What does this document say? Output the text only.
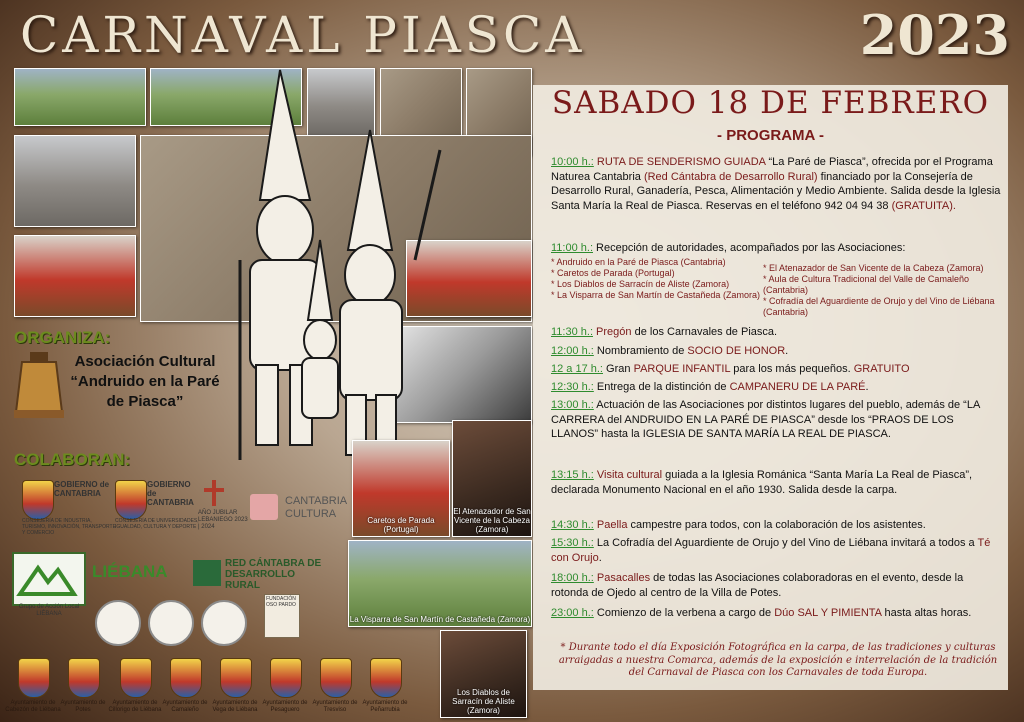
CARNAVAL PIASCA	2023
Caretos de Parada (Portugal)
El Atenazador de San Vicente de la Cabeza (Zamora)
La Visparra de San Martín de Castañeda (Zamora)
Los Diablos de Sarracín de Aliste (Zamora)
ORGANIZA:
Asociación Cultural “Andruido en la Paré de Piasca”
COLABORAN:
GOBIERNO de CANTABRIA
CONSEJERÍA DE INDUSTRIA, TURISMO, INNOVACIÓN, TRANSPORTE Y COMERCIO
GOBIERNO de CANTABRIA
CONSEJERÍA DE UNIVERSIDADES, IGUALDAD, CULTURA Y DEPORTE
AÑO JUBILAR LEBANIEGO 2023 | 2024
CANTABRIA CULTURA
Grupo de Acción Local LIÉBANA
LIÉBANA	RED CÁNTABRA DE DESARROLLO RURAL
FUNDACIÓN OSO PARDO
Ayuntamiento de Cabezón de Liébana
Ayuntamiento de Potes
Ayuntamiento de Cillorigo de Liébana
Ayuntamiento de Camaleño
Ayuntamiento de Vega de Liébana
Ayuntamiento de Pesaguero
Ayuntamiento de Tresviso
Ayuntamiento de Peñarrubia
SABADO 18 DE FEBRERO
- PROGRAMA -
10:00 h.: RUTA DE SENDERISMO GUIADA “La Paré de Piasca”, ofrecida por el Programa Naturea Cantabria (Red Cántabra de Desarrollo Rural) financiado por la Consejería de Desarrollo Rural, Ganadería, Pesca, Alimentación y Medio Ambiente. Salida desde la Iglesia Santa María la Real de Piasca. Reservas en el teléfono 942 04 94 38 (GRATUITA).
11:00 h.: Recepción de autoridades, acompañados por las Asociaciones:
* Andruido en la Paré de Piasca (Cantabria)
* Caretos de Parada (Portugal)
* Los Diablos de Sarracín de Aliste (Zamora)
* La Visparra de San Martín de Castañeda (Zamora)
* El Atenazador de San Vicente de la Cabeza (Zamora)
* Aula de Cultura Tradicional del Valle de Camaleño (Cantabria)
* Cofradía del Aguardiente de Orujo y del Vino de Liébana (Cantabria)
11:30 h.: Pregón de los Carnavales de Piasca.
12:00 h.: Nombramiento de SOCIO DE HONOR.
12 a 17 h.: Gran PARQUE INFANTIL para los más pequeños. GRATUITO
12:30 h.: Entrega de la distinción de CAMPANERU DE LA PARÉ.
13:00 h.: Actuación de las Asociaciones por distintos lugares del pueblo, además de “LA CARRERA del ANDRUIDO EN LA PARÉ DE PIASCA” desde los “PRAOS DE LOS LLANOS” hasta la IGLESIA DE SANTA MARÍA LA REAL DE PIASCA.
13:15 h.: Visita cultural guiada a la Iglesia Románica “Santa María La Real de Piasca”, declarada Monumento Nacional en el año 1930. Salida desde la carpa.
14:30 h.: Paella campestre para todos, con la colaboración de los asistentes.
15:30 h.: La Cofradía del Aguardiente de Orujo y del Vino de Liébana invitará a todos a Té con Orujo.
18:00 h.: Pasacalles de todas las Asociaciones colaboradoras en el evento, desde la rotonda de Ojedo al centro de la Villa de Potes.
23:00 h.: Comienzo de la verbena a cargo de Dúo SAL Y PIMIENTA hasta altas horas.
* Durante todo el día Exposición Fotográfica en la carpa, de las tradiciones y culturas arraigadas a nuestra Comarca, además de la exposición e interrelación de la tradición del Carnaval de Piasca con los Carnavales de toda Europa.
